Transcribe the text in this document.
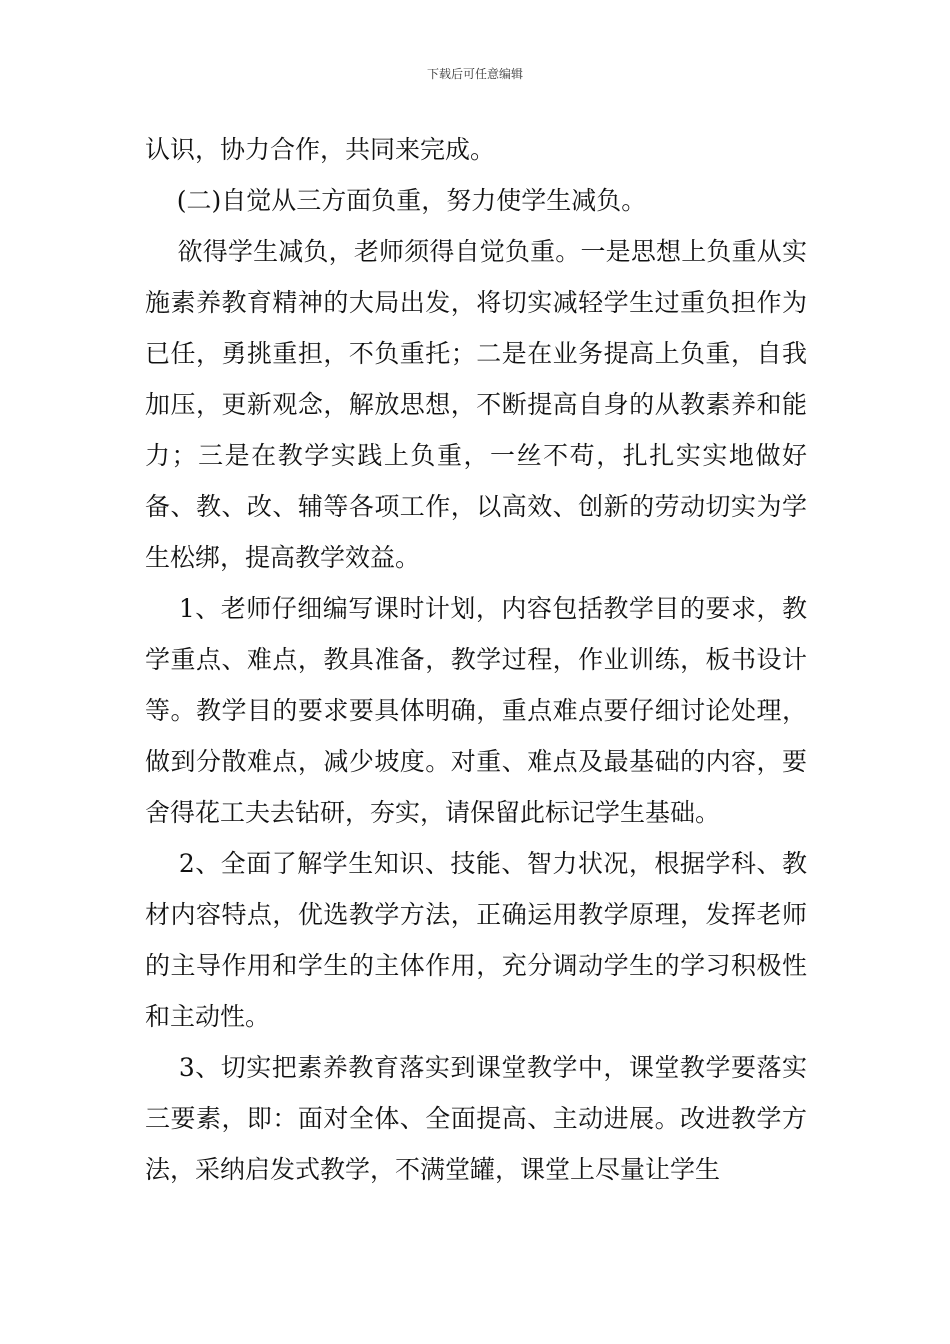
下载后可任意编辑

认识，协力合作，共同来完成。

(二)自觉从三方面负重，努力使学生减负。

欲得学生减负，老师须得自觉负重。一是思想上负重从实施素养教育精神的大局出发，将切实减轻学生过重负担作为已任，勇挑重担，不负重托；二是在业务提高上负重，自我加压，更新观念，解放思想，不断提高自身的从教素养和能力；三是在教学实践上负重，一丝不苟，扎扎实实地做好备、教、改、辅等各项工作，以高效、创新的劳动切实为学生松绑，提高教学效益。

1、老师仔细编写课时计划，内容包括教学目的要求，教学重点、难点，教具准备，教学过程，作业训练，板书设计等。教学目的要求要具体明确，重点难点要仔细讨论处理，做到分散难点，减少坡度。对重、难点及最基础的内容，要舍得花工夫去钻研，夯实，请保留此标记学生基础。

2、全面了解学生知识、技能、智力状况，根据学科、教材内容特点，优选教学方法，正确运用教学原理，发挥老师的主导作用和学生的主体作用，充分调动学生的学习积极性和主动性。

3、切实把素养教育落实到课堂教学中，课堂教学要落实三要素，即：面对全体、全面提高、主动进展。改进教学方法，采纳启发式教学，不满堂罐，课堂上尽量让学生
